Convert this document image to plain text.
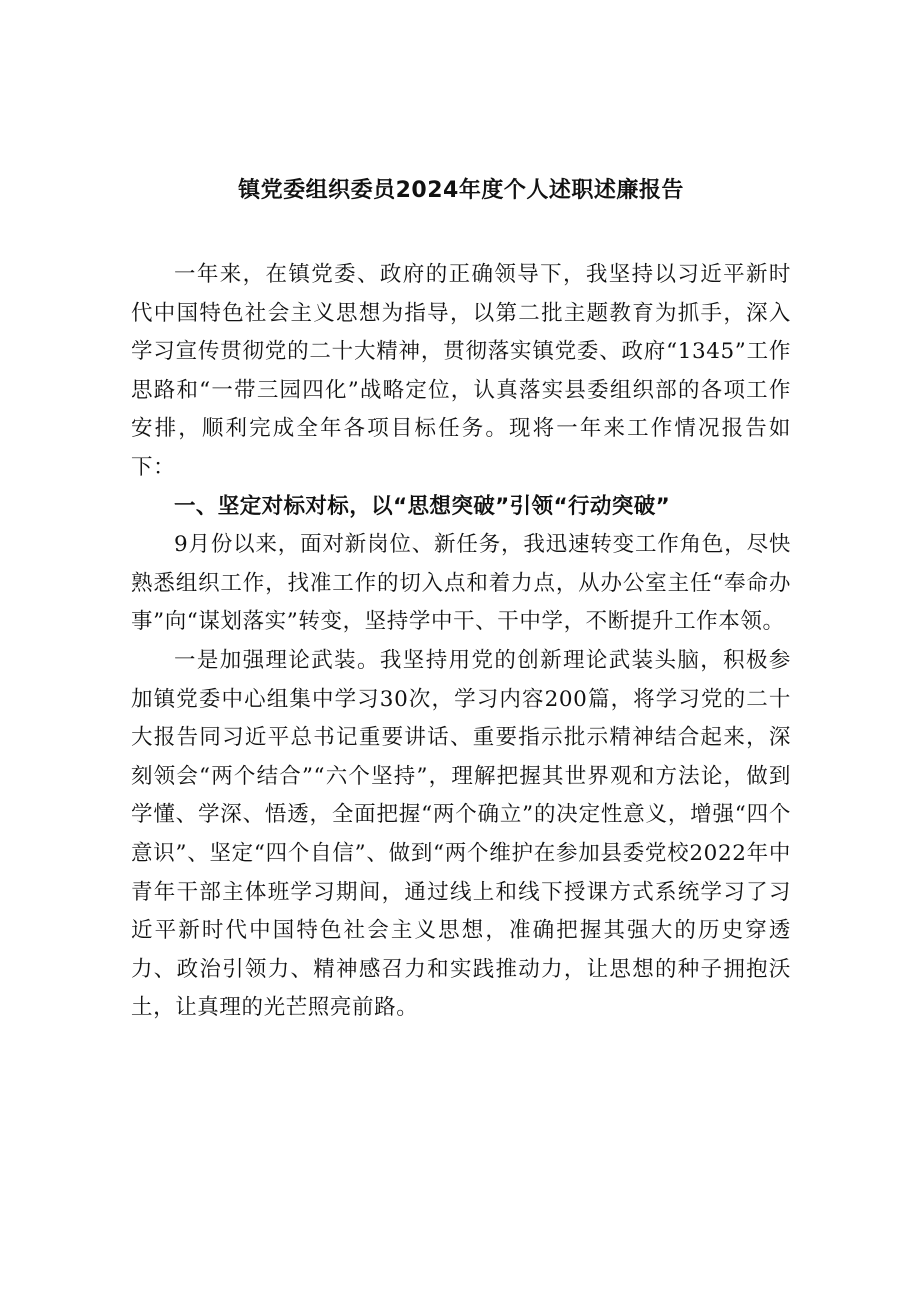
镇党委组织委员2024年度个人述职述廉报告

一年来，在镇党委、政府的正确领导下，我坚持以习近平新时代中国特色社会主义思想为指导，以第二批主题教育为抓手，深入学习宣传贯彻党的二十大精神，贯彻落实镇党委、政府“1345”工作思路和“一带三园四化”战略定位，认真落实县委组织部的各项工作安排，顺利完成全年各项目标任务。现将一年来工作情况报告如下：

一、坚定对标对标，以“思想突破”引领“行动突破”

9月份以来，面对新岗位、新任务，我迅速转变工作角色，尽快熟悉组织工作，找准工作的切入点和着力点，从办公室主任“奉命办事”向“谋划落实”转变，坚持学中干、干中学，不断提升工作本领。

一是加强理论武装。我坚持用党的创新理论武装头脑，积极参加镇党委中心组集中学习30次，学习内容200篇，将学习党的二十大报告同习近平总书记重要讲话、重要指示批示精神结合起来，深刻领会“两个结合”“六个坚持”，理解把握其世界观和方法论，做到学懂、学深、悟透，全面把握“两个确立”的决定性意义，增强“四个意识”、坚定“四个自信”、做到“两个维护在参加县委党校2022年中青年干部主体班学习期间，通过线上和线下授课方式系统学习了习近平新时代中国特色社会主义思想，准确把握其强大的历史穿透力、政治引领力、精神感召力和实践推动力，让思想的种子拥抱沃土，让真理的光芒照亮前路。
